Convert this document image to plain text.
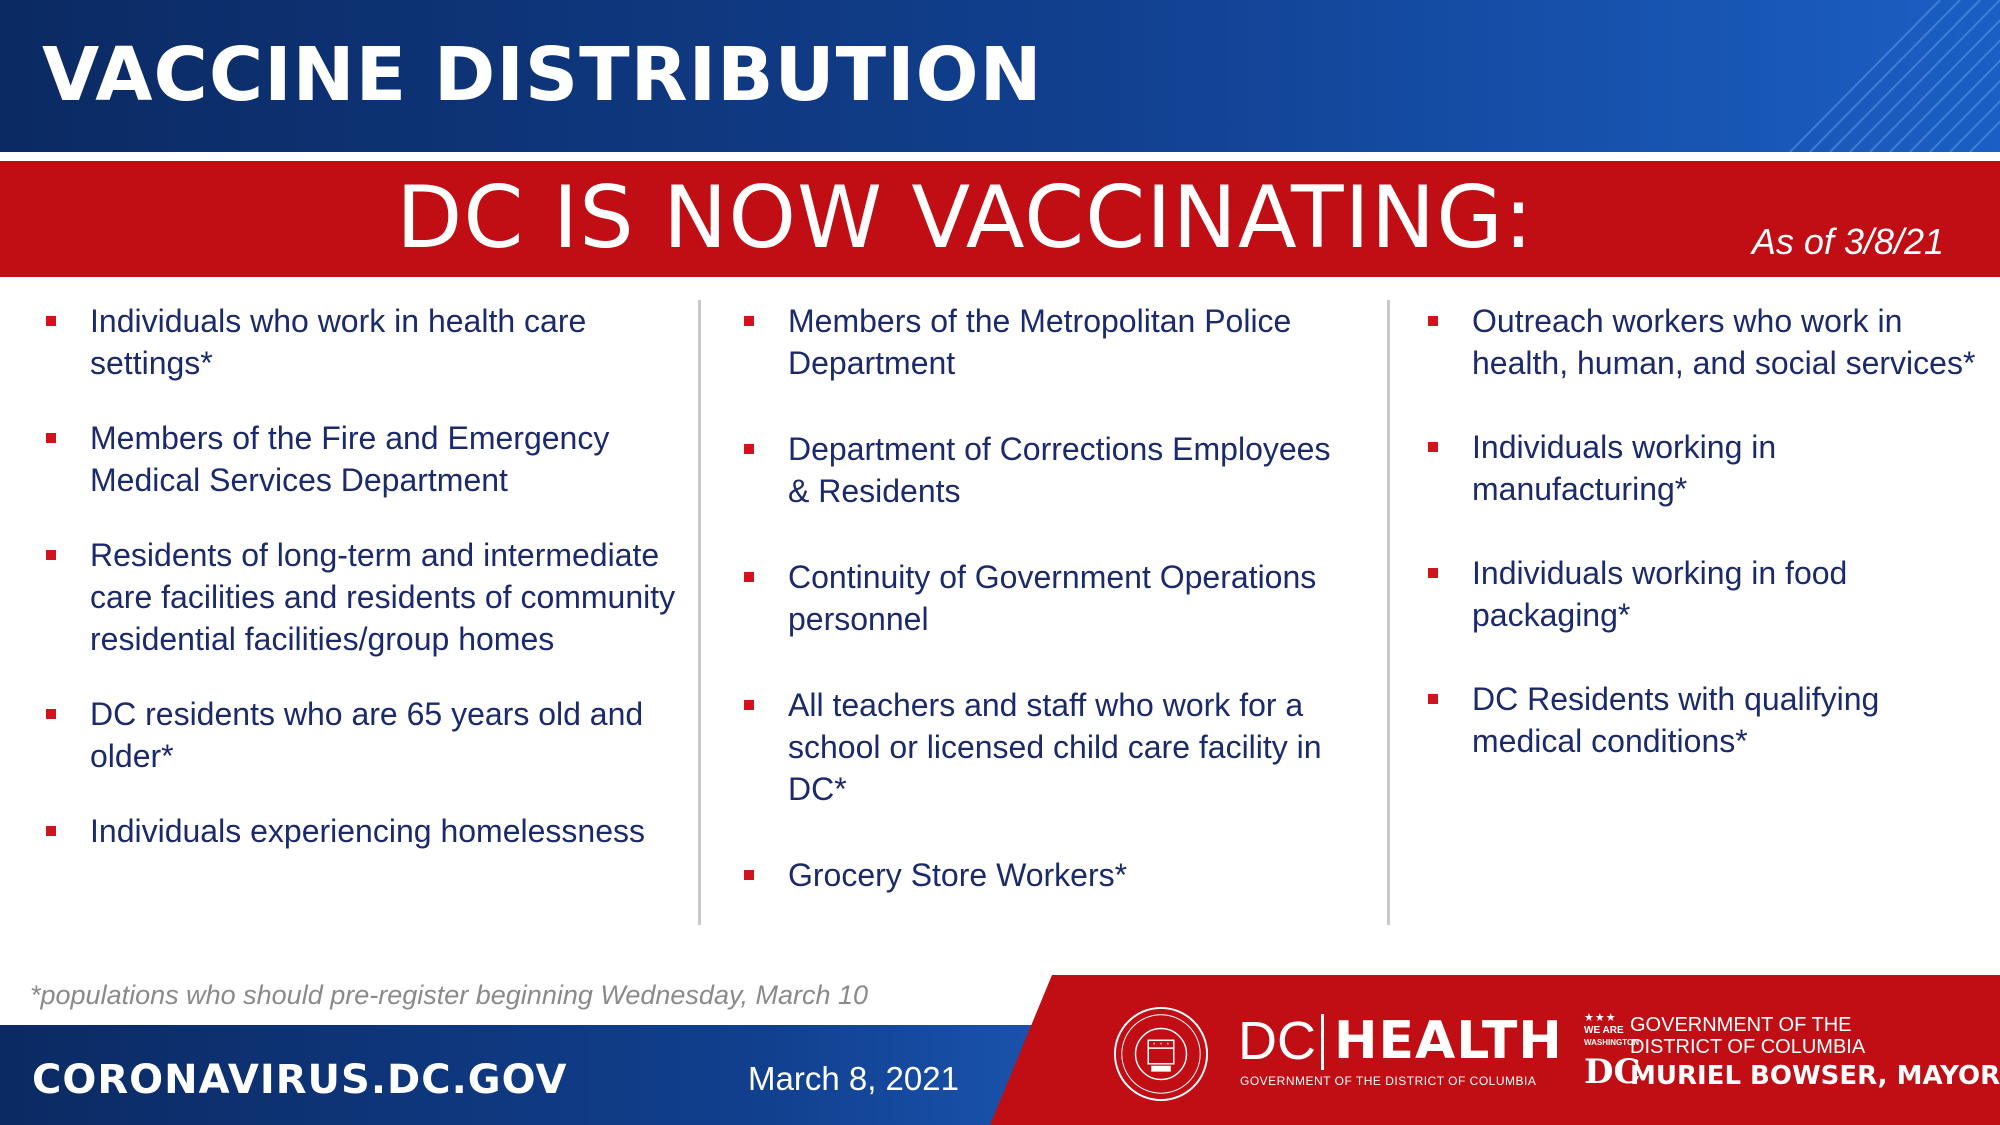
VACCINE DISTRIBUTION
DC IS NOW VACCINATING:	As of 3/8/21
Individuals who work in health care settings*
Members of the Fire and Emergency Medical Services Department
Residents of long-term and intermediate care facilities and residents of community residential facilities/group homes
DC residents who are 65 years old and older*
Individuals experiencing homelessness
Members of the Metropolitan Police Department
Department of Corrections Employees & Residents
Continuity of Government Operations personnel
All teachers and staff who work for a school or licensed child care facility in DC*
Grocery Store Workers*
Outreach workers who work in health, human, and social services*
Individuals working in manufacturing*
Individuals working in food packaging*
DC Residents with qualifying medical conditions*
*populations who should pre-register beginning Wednesday, March 10
CORONAVIRUS.DC.GOV	March 8, 2021
DC HEALTH
GOVERNMENT OF THE DISTRICT OF COLUMBIA
★★★
WE ARE
WASHINGTON
DC
GOVERNMENT OF THE
DISTRICT OF COLUMBIA
MURIEL BOWSER, MAYOR
